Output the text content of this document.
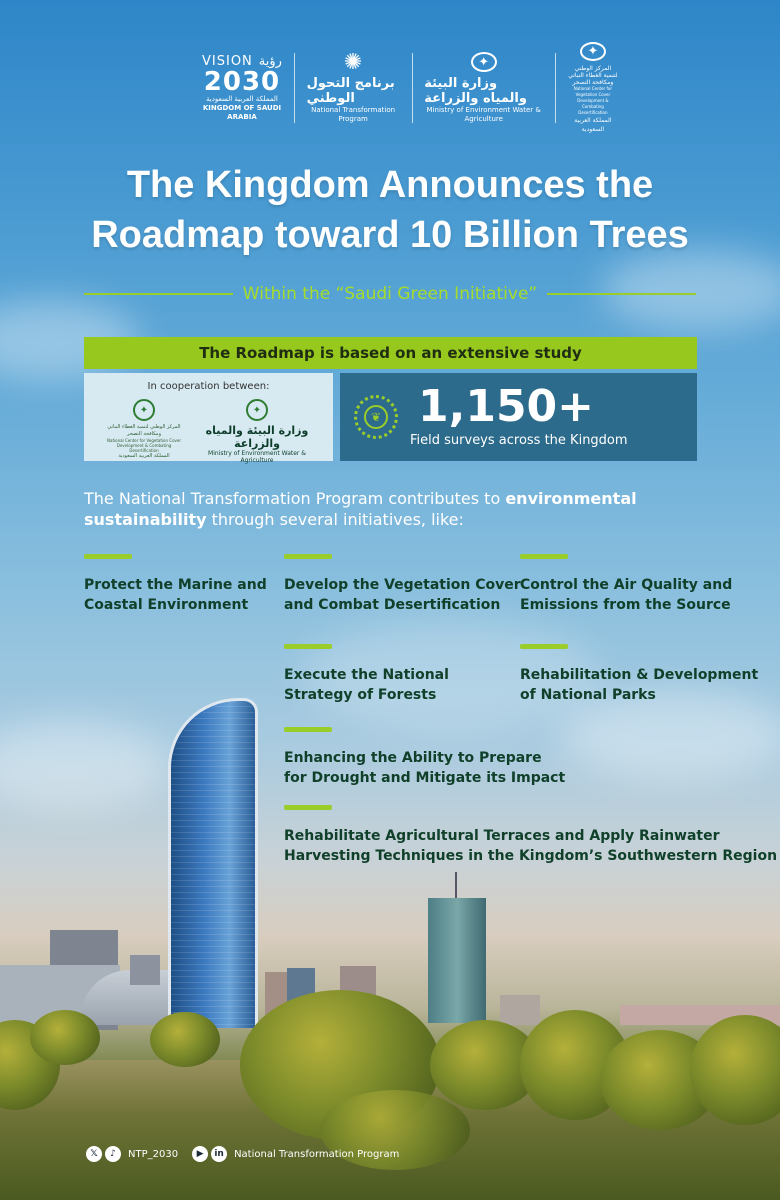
VISION رؤية
2030
المملكة العربية السعودية
KINGDOM OF SAUDI ARABIA
✺
برنامج التحول الوطني
National Transformation Program
✦
وزارة البيئة والمياه والزراعة
Ministry of Environment Water & Agriculture
✦
المركز الوطني لتنمية الغطاء النباتي ومكافحة التصحر
National Center for Vegetation Cover Development & Combating Desertification
المملكة العربية السعودية
The Kingdom Announces the
Roadmap toward 10 Billion Trees
Within the “Saudi Green Initiative”
The Roadmap is based on an extensive study
In cooperation between:
✦
المركز الوطني لتنمية الغطاء النباتي ومكافحة التصحر
National Center for Vegetation Cover Development & Combating Desertification
المملكة العربية السعودية
✦
وزارة البيئة والمياه والزراعة
Ministry of Environment Water & Agriculture
❦ 1,150+
Field surveys across the Kingdom
The National Transformation Program contributes to environmental sustainability through several initiatives, like:
Protect the Marine and
Coastal Environment
Develop the Vegetation Cover
and Combat Desertification
Control the Air Quality and
Emissions from the Source
Execute the National
Strategy of Forests
Rehabilitation & Development
of National Parks
Enhancing the Ability to Prepare
for Drought and Mitigate its Impact
Rehabilitate Agricultural Terraces and Apply Rainwater
Harvesting Techniques in the Kingdom’s Southwestern Region
𝕏	♪	NTP_2030	▶	in	National Transformation Program
